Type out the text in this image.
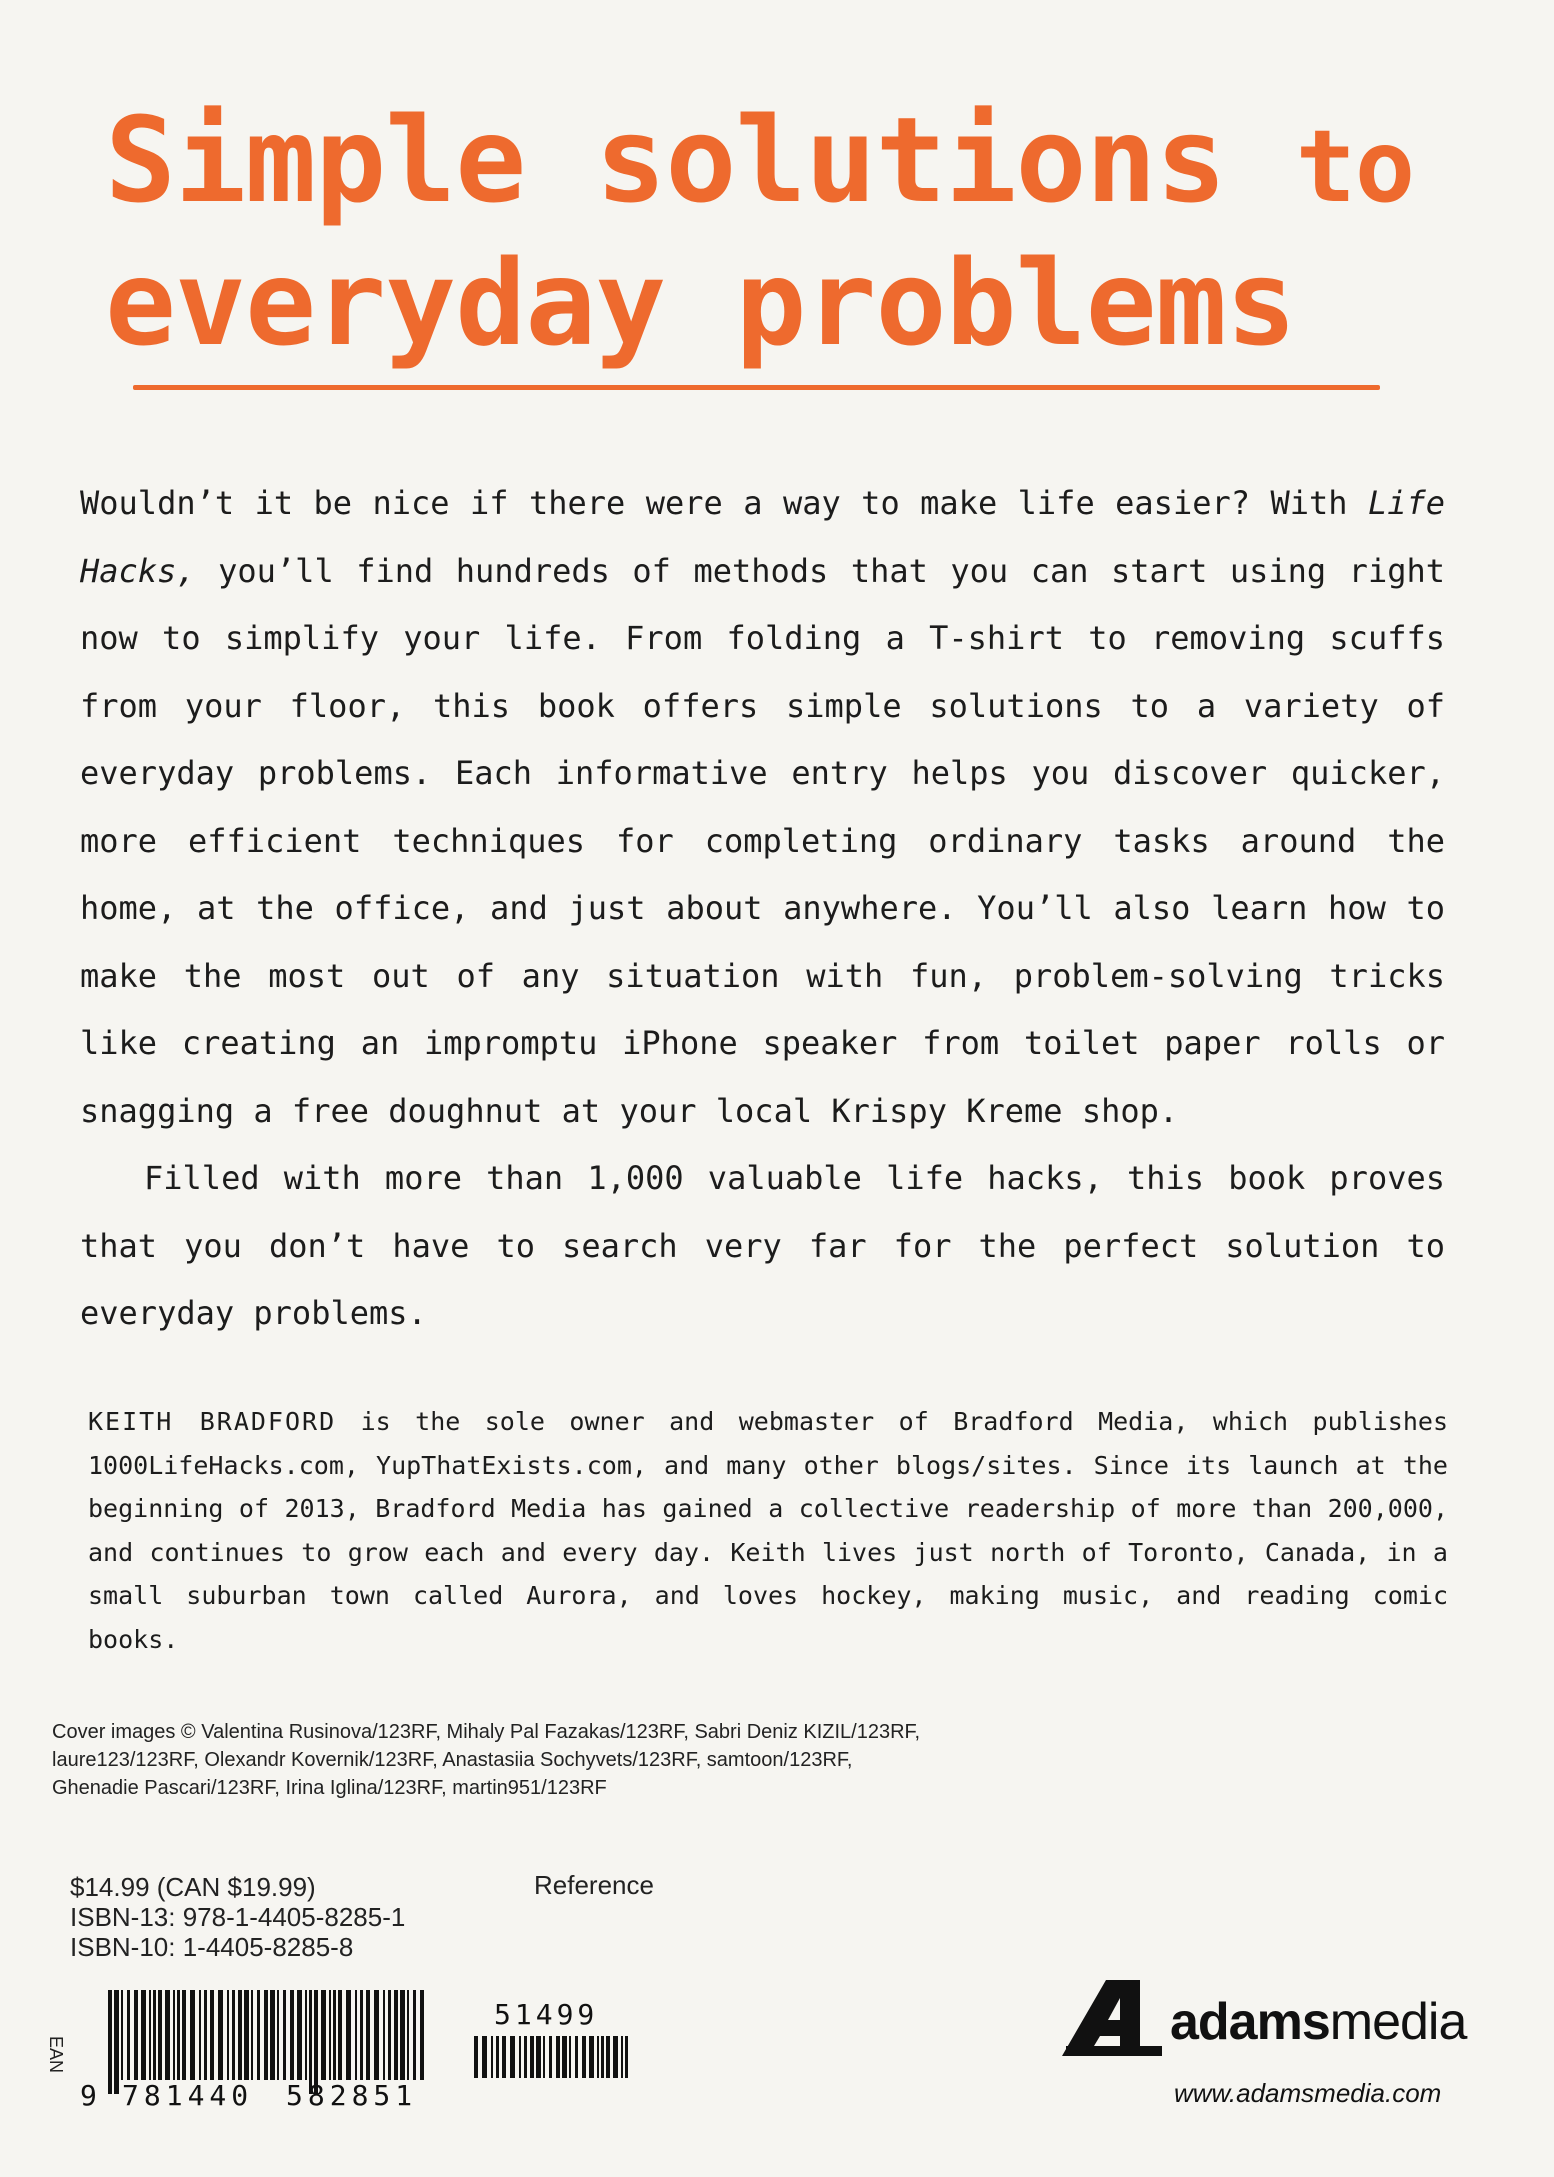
Simple solutions to
everyday problems

Wouldn’t it be nice if there were a way to make life easier? With Life Hacks, you’ll find hundreds of methods that you can start using right now to simplify your life. From folding a T-shirt to removing scuffs from your floor, this book offers simple solutions to a variety of everyday problems. Each informative entry helps you discover quicker, more efficient techniques for completing ordinary tasks around the home, at the office, and just about anywhere. You’ll also learn how to make the most out of any situation with fun, problem-solving tricks like creating an impromptu iPhone speaker from toilet paper rolls or snagging a free doughnut at your local Krispy Kreme shop.

Filled with more than 1,000 valuable life hacks, this book proves that you don’t have to search very far for the perfect solution to everyday problems.

KEITH BRADFORD is the sole owner and webmaster of Bradford Media, which publishes 1000LifeHacks.com, YupThatExists.com, and many other blogs/sites. Since its launch at the beginning of 2013, Bradford Media has gained a collective readership of more than 200,000, and continues to grow each and every day. Keith lives just north of Toronto, Canada, in a small suburban town called Aurora, and loves hockey, making music, and reading comic books.

Cover images © Valentina Rusinova/123RF, Mihaly Pal Fazakas/123RF, Sabri Deniz KIZIL/123RF, laure123/123RF, Olexandr Kovernik/123RF, Anastasiia Sochyvets/123RF, samtoon/123RF, Ghenadie Pascari/123RF, Irina Iglina/123RF, martin951/123RF

$14.99 (CAN $19.99)
ISBN-13: 978-1-4405-8285-1
ISBN-10: 1-4405-8285-8
Reference
EAN
9 781440 582851
51499	adamsmedia
www.adamsmedia.com
